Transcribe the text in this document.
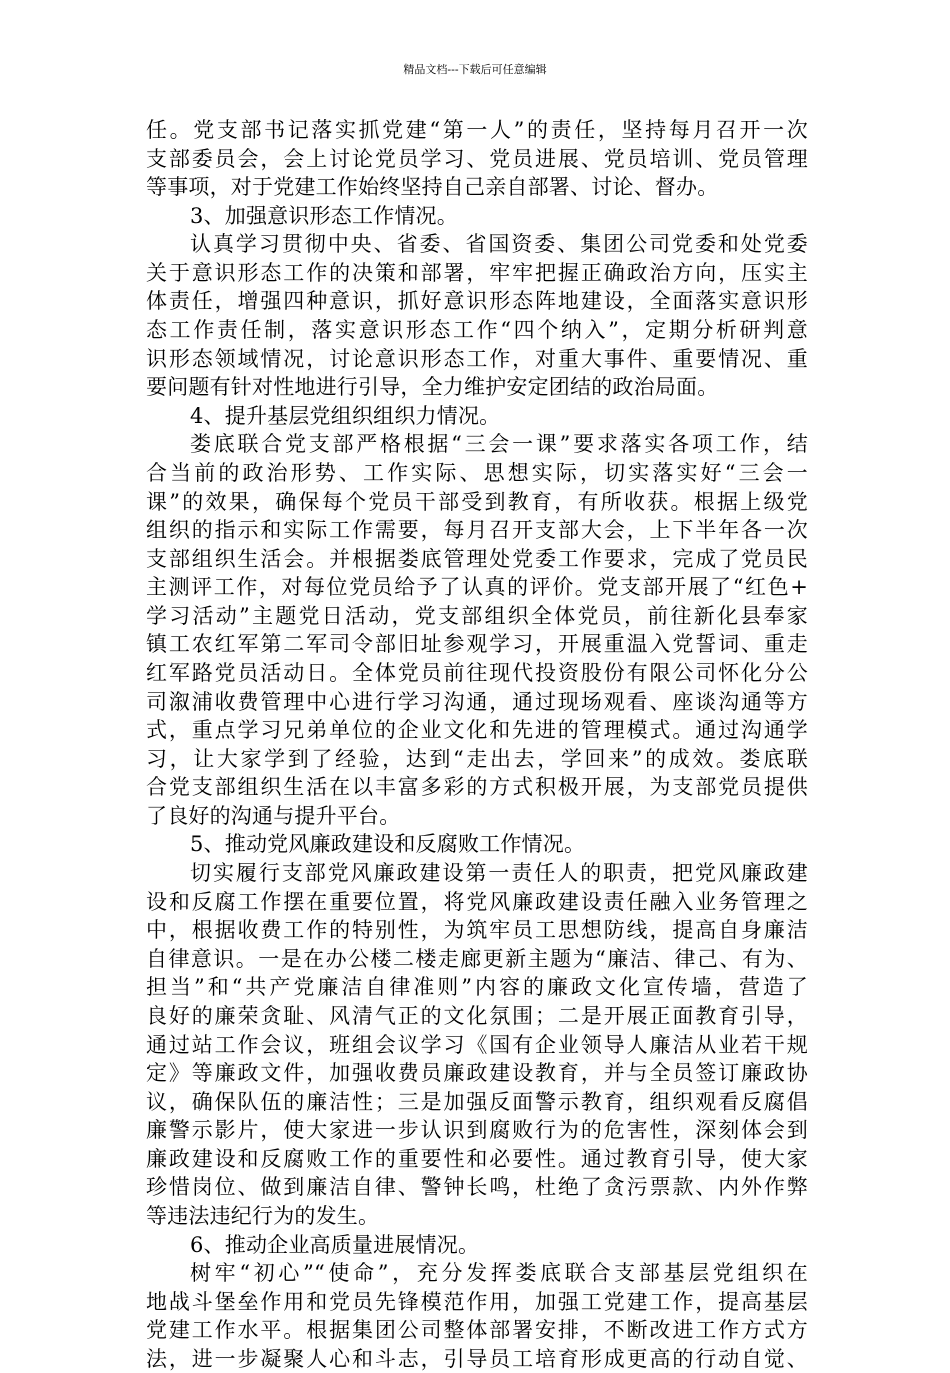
精品文档---下载后可任意编辑
任。党支部书记落实抓党建“第一人”的责任，坚持每月召开一次
支部委员会，会上讨论党员学习、党员进展、党员培训、党员管理
等事项，对于党建工作始终坚持自己亲自部署、讨论、督办。
3、加强意识形态工作情况。
认真学习贯彻中央、省委、省国资委、集团公司党委和处党委
关于意识形态工作的决策和部署，牢牢把握正确政治方向，压实主
体责任，增强四种意识，抓好意识形态阵地建设，全面落实意识形
态工作责任制，落实意识形态工作“四个纳入”，定期分析研判意
识形态领域情况，讨论意识形态工作，对重大事件、重要情况、重
要问题有针对性地进行引导，全力维护安定团结的政治局面。
4、提升基层党组织组织力情况。
娄底联合党支部严格根据“三会一课”要求落实各项工作，结
合当前的政治形势、工作实际、思想实际，切实落实好“三会一
课”的效果，确保每个党员干部受到教育，有所收获。根据上级党
组织的指示和实际工作需要，每月召开支部大会，上下半年各一次
支部组织生活会。并根据娄底管理处党委工作要求，完成了党员民
主测评工作，对每位党员给予了认真的评价。党支部开展了“红色+
学习活动”主题党日活动，党支部组织全体党员，前往新化县奉家
镇工农红军第二军司令部旧址参观学习，开展重温入党誓词、重走
红军路党员活动日。全体党员前往现代投资股份有限公司怀化分公
司溆浦收费管理中心进行学习沟通，通过现场观看、座谈沟通等方
式，重点学习兄弟单位的企业文化和先进的管理模式。通过沟通学
习，让大家学到了经验，达到“走出去，学回来”的成效。娄底联
合党支部组织生活在以丰富多彩的方式积极开展，为支部党员提供
了良好的沟通与提升平台。
5、推动党风廉政建设和反腐败工作情况。
切实履行支部党风廉政建设第一责任人的职责，把党风廉政建
设和反腐工作摆在重要位置，将党风廉政建设责任融入业务管理之
中，根据收费工作的特别性，为筑牢员工思想防线，提高自身廉洁
自律意识。一是在办公楼二楼走廊更新主题为“廉洁、律己、有为、
担当”和“共产党廉洁自律准则”内容的廉政文化宣传墙，营造了
良好的廉荣贪耻、风清气正的文化氛围；二是开展正面教育引导，
通过站工作会议，班组会议学习《国有企业领导人廉洁从业若干规
定》等廉政文件，加强收费员廉政建设教育，并与全员签订廉政协
议，确保队伍的廉洁性；三是加强反面警示教育，组织观看反腐倡
廉警示影片，使大家进一步认识到腐败行为的危害性，深刻体会到
廉政建设和反腐败工作的重要性和必要性。通过教育引导，使大家
珍惜岗位、做到廉洁自律、警钟长鸣，杜绝了贪污票款、内外作弊
等违法违纪行为的发生。
6、推动企业高质量进展情况。
树牢“初心”“使命”，充分发挥娄底联合支部基层党组织在
地战斗堡垒作用和党员先锋模范作用，加强工党建工作，提高基层
党建工作水平。根据集团公司整体部署安排，不断改进工作方式方
法，进一步凝聚人心和斗志，引导员工培育形成更高的行动自觉、
